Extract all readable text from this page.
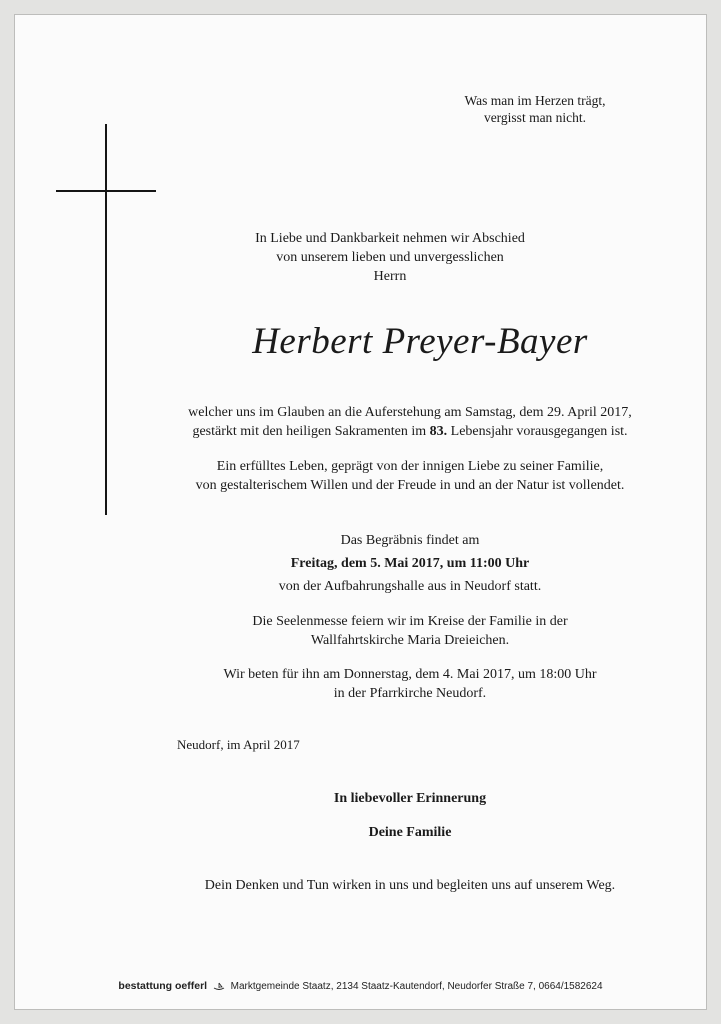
Was man im Herzen trägt,
vergisst man nicht.
In Liebe und Dankbarkeit nehmen wir Abschied
von unserem lieben und unvergesslichen
Herrn
Herbert Preyer-Bayer
welcher uns im Glauben an die Auferstehung am Samstag, dem 29. April 2017,
gestärkt mit den heiligen Sakramenten im 83. Lebensjahr vorausgegangen ist.
Ein erfülltes Leben, geprägt von der innigen Liebe zu seiner Familie,
von gestalterischem Willen und der Freude in und an der Natur ist vollendet.
Das Begräbnis findet am
Freitag, dem 5. Mai 2017, um 11:00 Uhr
von der Aufbahrungshalle aus in Neudorf statt.
Die Seelenmesse feiern wir im Kreise der Familie in der
Wallfahrtskirche Maria Dreieichen.
Wir beten für ihn am Donnerstag, dem 4. Mai 2017, um 18:00 Uhr
in der Pfarrkirche Neudorf.
Neudorf, im April 2017
In liebevoller Erinnerung
Deine Familie
Dein Denken und Tun wirken in uns und begleiten uns auf unserem Weg.
bestattung oefferl Marktgemeinde Staatz, 2134 Staatz-Kautendorf, Neudorfer Straße 7, 0664/1582624
